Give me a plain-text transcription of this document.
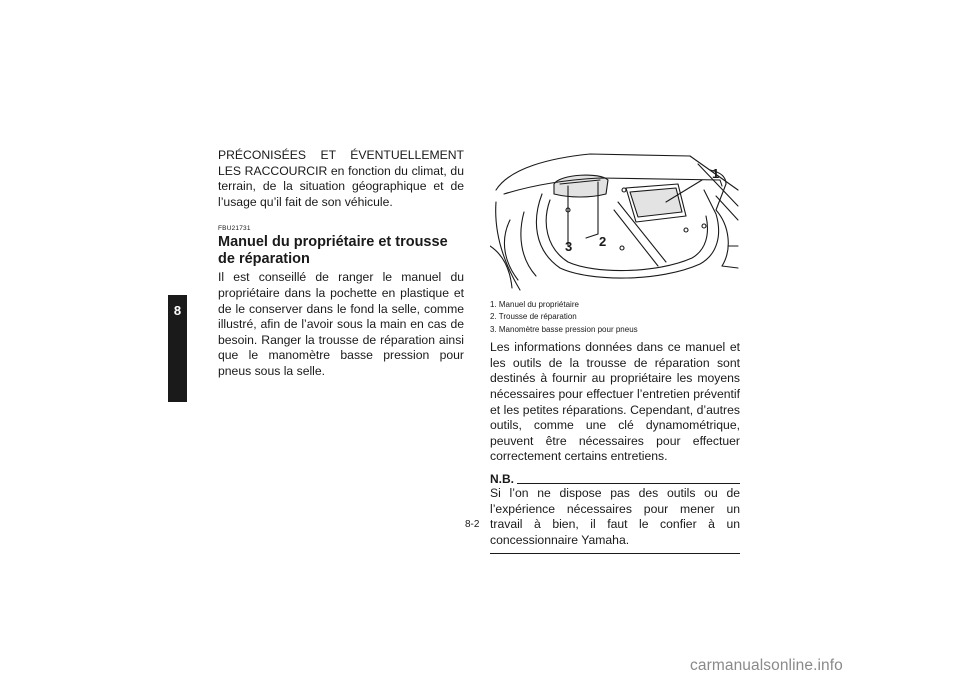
8

PRÉCONISÉES ET ÉVENTUELLEMENT LES RACCOURCIR en fonction du climat, du terrain, de la situation géographique et de l’usage qu’il fait de son véhicule.

FBU21731
Manuel du propriétaire et trousse de réparation

Il est conseillé de ranger le manuel du propriétaire dans la pochette en plastique et de le conserver dans le fond la selle, comme illustré, afin de l’avoir sous la main en cas de besoin. Ranger la trousse de réparation ainsi que le manomètre basse pression pour pneus sous la selle.

1
2
3
1. Manuel du propriétaire
2. Trousse de réparation
3. Manomètre basse pression pour pneus

Les informations données dans ce manuel et les outils de la trousse de réparation sont destinés à fournir au propriétaire les moyens nécessaires pour effectuer l’entretien préventif et les petites réparations. Cependant, d’autres outils, comme une clé dynamométrique, peuvent être nécessaires pour effectuer correctement certains entretiens.

N.B.

Si l’on ne dispose pas des outils ou de l’expérience nécessaires pour mener un travail à bien, il faut le confier à un concessionnaire Yamaha.

8-2
carmanualsonline.info
